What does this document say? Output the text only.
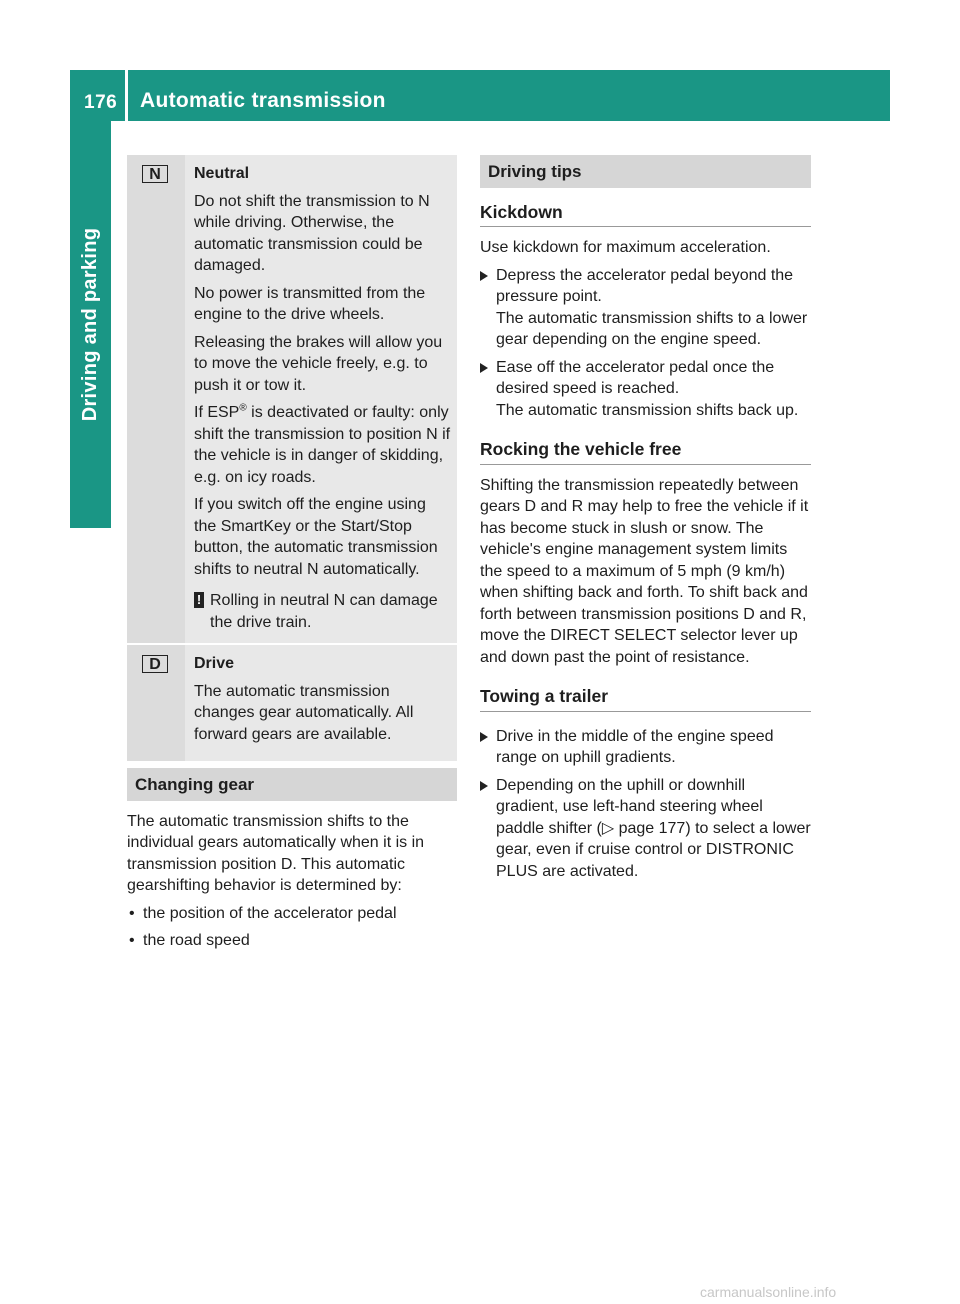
176 Automatic transmission
Driving and parking
N	Neutral

Do not shift the transmission to N while driving. Otherwise, the automatic transmission could be damaged.

No power is transmitted from the engine to the drive wheels.

Releasing the brakes will allow you to move the vehicle freely, e.g. to push it or tow it.

If ESP® is deactivated or faulty: only shift the transmission to position N if the vehicle is in danger of skidding, e.g. on icy roads.

If you switch off the engine using the SmartKey or the Start/Stop button, the automatic transmission shifts to neutral N automatically.

! Rolling in neutral N can damage the drive train.
D	Drive

The automatic transmission changes gear automatically. All forward gears are available.

Changing gear

The automatic transmission shifts to the individual gears automatically when it is in transmission position D. This automatic gearshifting behavior is determined by:

• the position of the accelerator pedal
• the road speed
Driving tips
Kickdown

Use kickdown for maximum acceleration.

Depress the accelerator pedal beyond the pressure point.
The automatic transmission shifts to a lower gear depending on the engine speed.
Ease off the accelerator pedal once the desired speed is reached.
The automatic transmission shifts back up.
Rocking the vehicle free

Shifting the transmission repeatedly between gears D and R may help to free the vehicle if it has become stuck in slush or snow. The vehicle's engine management system limits the speed to a maximum of 5 mph (9 km/h) when shifting back and forth. To shift back and forth between transmission positions D and R, move the DIRECT SELECT selector lever up and down past the point of resistance.

Towing a trailer
Drive in the middle of the engine speed range on uphill gradients.
Depending on the uphill or downhill gradient, use left-hand steering wheel paddle shifter (▷ page 177) to select a lower gear, even if cruise control or DISTRONIC PLUS are activated.
carmanualsonline.info
